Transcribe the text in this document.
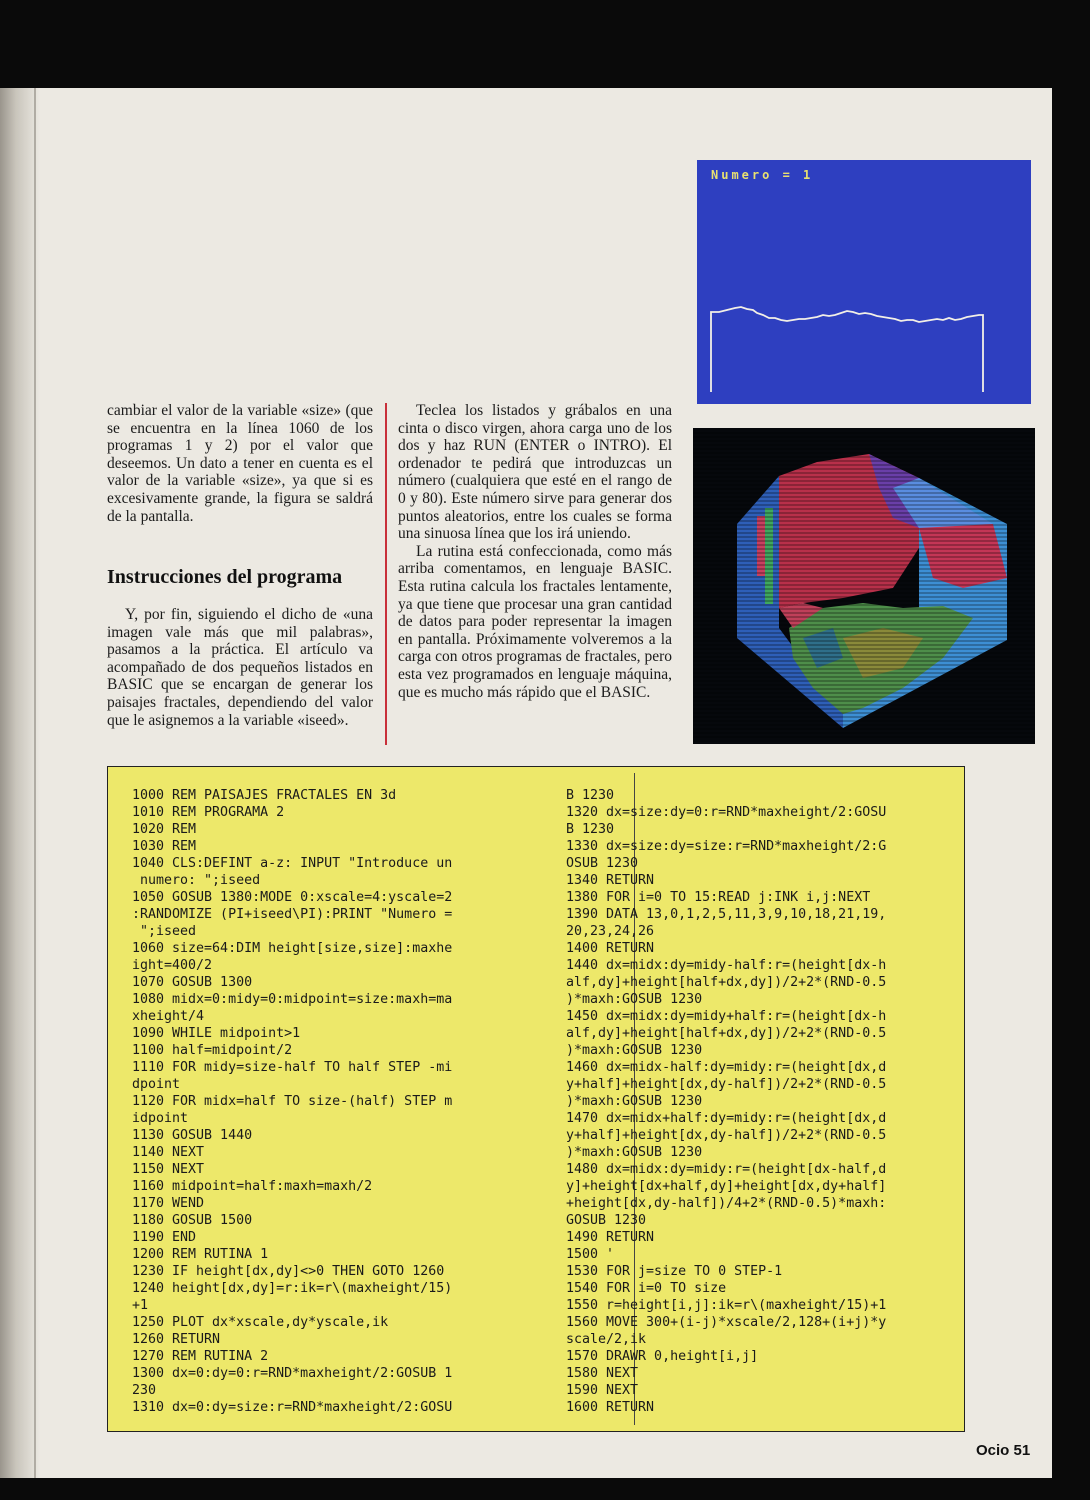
Numero = 1

cambiar el valor de la variable «size» (que se encuentra en la línea 1060 de los programas 1 y 2) por el valor que deseemos. Un dato a tener en cuenta es el valor de la variable «size», ya que si es excesivamente grande, la figura se saldrá de la pantalla.

Instrucciones del programa

Y, por fin, siguiendo el dicho de «una imagen vale más que mil palabras», pasamos a la práctica. El artículo va acompañado de dos pequeños listados en BASIC que se encargan de generar los paisajes fractales, dependiendo del valor que le asignemos a la variable «iseed».

Teclea los listados y grábalos en una cinta o disco virgen, ahora carga uno de los dos y haz RUN (ENTER o INTRO). El ordenador te pedirá que introduzcas un número (cualquiera que esté en el rango de 0 y 80). Este número sirve para generar dos puntos aleatorios, entre los cuales se forma una sinuosa línea que los irá uniendo.

La rutina está confeccionada, como más arriba comentamos, en lenguaje BASIC. Esta rutina calcula los fractales lentamente, ya que tiene que procesar una gran cantidad de datos para poder representar la imagen en pantalla. Próximamente volveremos a la carga con otros programas de fractales, pero esta vez programados en lenguaje máquina, que es mucho más rápido que el BASIC.

1000 REM PAISAJES FRACTALES EN 3d
1010 REM PROGRAMA 2
1020 REM
1030 REM
1040 CLS:DEFINT a-z: INPUT "Introduce un
numero: ";iseed
1050 GOSUB 1380:MODE 0:xscale=4:yscale=2
:RANDOMIZE (PI+iseed\PI):PRINT "Numero =
";iseed
1060 size=64:DIM height[size,size]:maxhe
ight=400/2
1070 GOSUB 1300
1080 midx=0:midy=0:midpoint=size:maxh=ma
xheight/4
1090 WHILE midpoint>1
1100 half=midpoint/2
1110 FOR midy=size-half TO half STEP -mi
dpoint
1120 FOR midx=half TO size-(half) STEP m
idpoint
1130 GOSUB 1440
1140 NEXT
1150 NEXT
1160 midpoint=half:maxh=maxh/2
1170 WEND
1180 GOSUB 1500
1190 END
1200 REM RUTINA 1
1230 IF height[dx,dy]<>0 THEN GOTO 1260
1240 height[dx,dy]=r:ik=r\(maxheight/15)
+1
1250 PLOT dx*xscale,dy*yscale,ik
1260 RETURN
1270 REM RUTINA 2
1300 dx=0:dy=0:r=RND*maxheight/2:GOSUB 1
230
1310 dx=0:dy=size:r=RND*maxheight/2:GOSU
B 1230
1320 dx=size:dy=0:r=RND*maxheight/2:GOSU
B 1230
1330 dx=size:dy=size:r=RND*maxheight/2:G
OSUB 1230
1340 RETURN
1380 FOR i=0 TO 15:READ j:INK i,j:NEXT
1390 DATA 13,0,1,2,5,11,3,9,10,18,21,19,
20,23,24,26
1400 RETURN
1440 dx=midx:dy=midy-half:r=(height[dx-h
alf,dy]+height[half+dx,dy])/2+2*(RND-0.5
)*maxh:GOSUB 1230
1450 dx=midx:dy=midy+half:r=(height[dx-h
alf,dy]+height[half+dx,dy])/2+2*(RND-0.5
)*maxh:GOSUB 1230
1460 dx=midx-half:dy=midy:r=(height[dx,d
y+half]+height[dx,dy-half])/2+2*(RND-0.5
)*maxh:GOSUB 1230
1470 dx=midx+half:dy=midy:r=(height[dx,d
y+half]+height[dx,dy-half])/2+2*(RND-0.5
)*maxh:GOSUB 1230
1480 dx=midx:dy=midy:r=(height[dx-half,d
y]+height[dx+half,dy]+height[dx,dy+half]
+height[dx,dy-half])/4+2*(RND-0.5)*maxh:
GOSUB 1230
1490 RETURN
1500 '
1530 FOR j=size TO 0 STEP-1
1540 FOR i=0 TO size
1550 r=height[i,j]:ik=r\(maxheight/15)+1
1560 MOVE 300+(i-j)*xscale/2,128+(i+j)*y
scale/2,ik
1570 DRAWR 0,height[i,j]
1580 NEXT
1590 NEXT
1600 RETURN
Ocio 51
